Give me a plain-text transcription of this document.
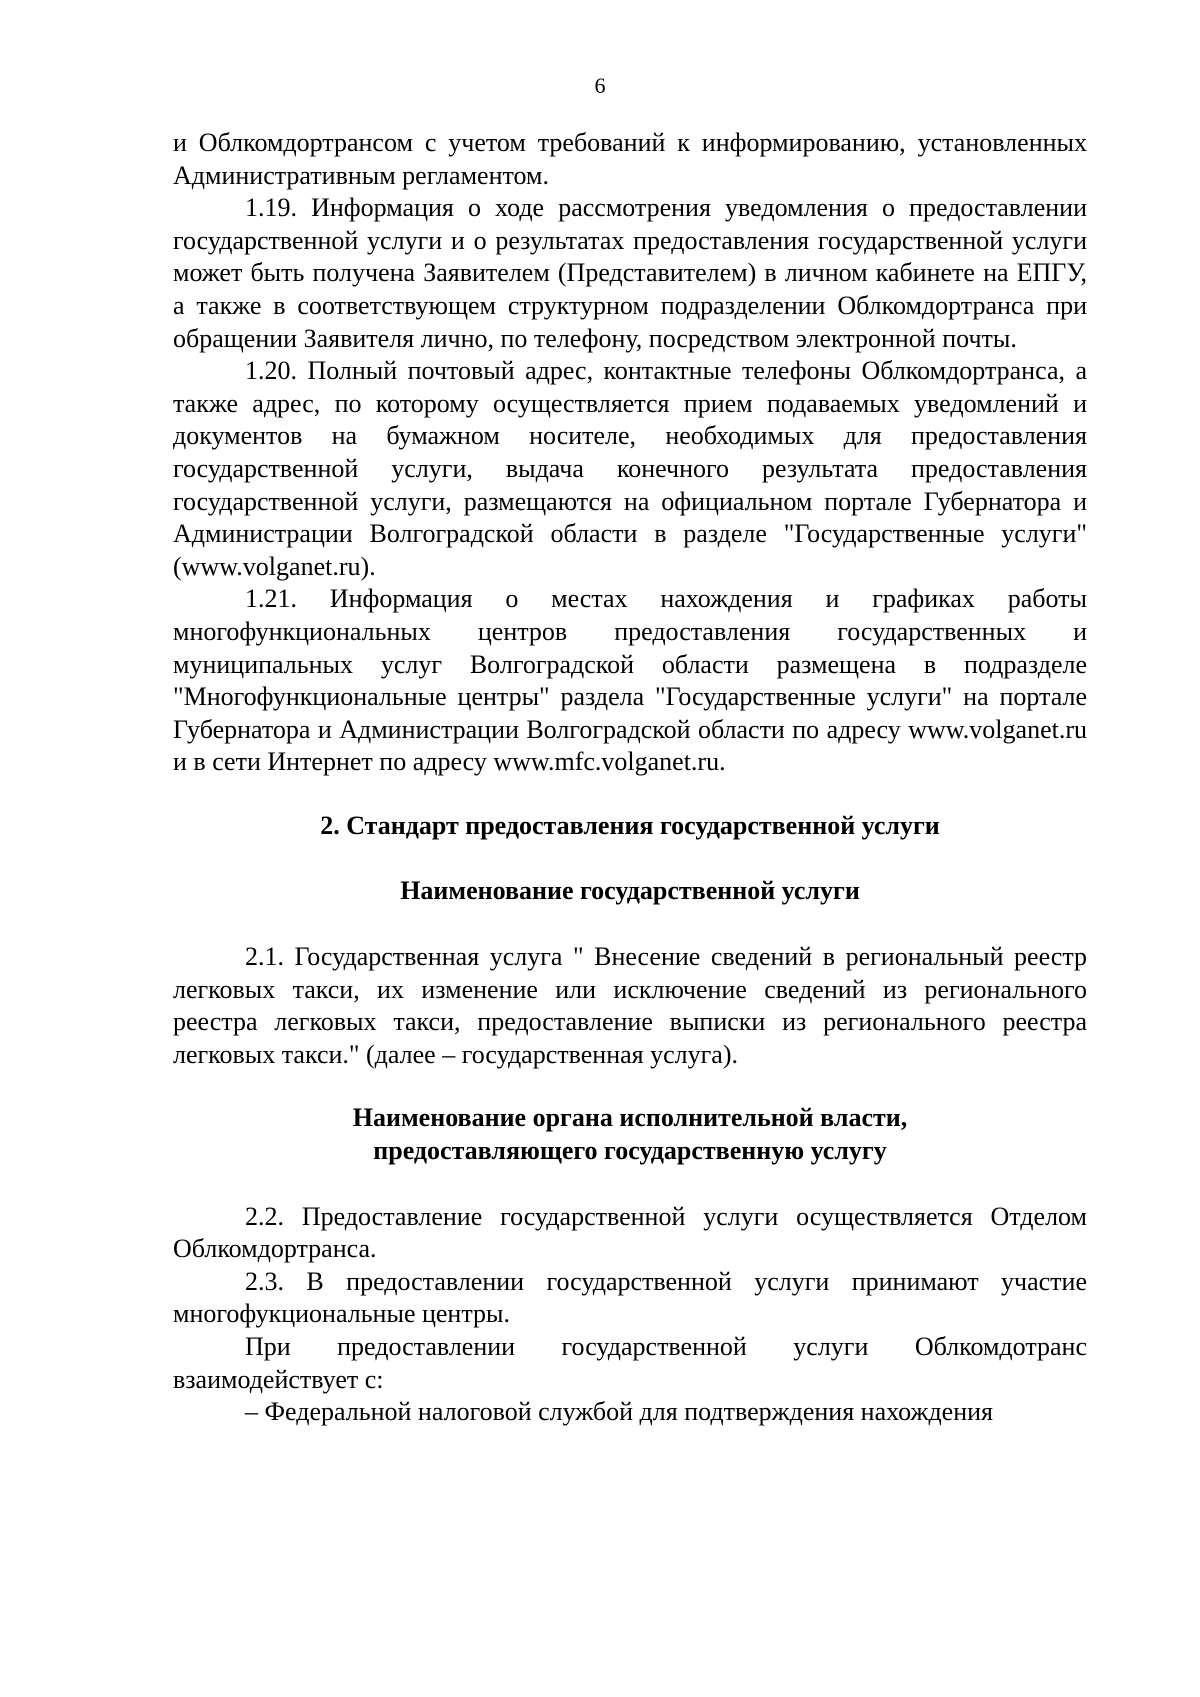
6

и Облкомдортрансом с учетом требований к информированию, установленных Административным регламентом.

1.19. Информация о ходе рассмотрения уведомления о предоставлении государственной услуги и о результатах предоставления государственной услуги может быть получена Заявителем (Представителем) в личном кабинете на ЕПГУ, а также в соответствующем структурном подразделении Облкомдортранса при обращении Заявителя лично, по телефону, посредством электронной почты.

1.20. Полный почтовый адрес, контактные телефоны Облкомдортранса, а также адрес, по которому осуществляется прием подаваемых уведомлений и документов на бумажном носителе, необходимых для предоставления государственной услуги, выдача конечного результата предоставления государственной услуги, размещаются на официальном портале Губернатора и Администрации Волгоградской области в разделе "Государственные услуги" (www.volganet.ru).

1.21. Информация о местах нахождения и графиках работы многофункциональных центров предоставления государственных и муниципальных услуг Волгоградской области размещена в подразделе "Многофункциональные центры" раздела "Государственные услуги" на портале Губернатора и Администрации Волгоградской области по адресу www.volganet.ru и в сети Интернет по адресу www.mfc.volganet.ru.

2. Стандарт предоставления государственной услуги
Наименование государственной услуги

2.1. Государственная услуга " Внесение сведений в региональный реестр легковых такси, их изменение или исключение сведений из регионального реестра легковых такси, предоставление выписки из регионального реестра легковых такси." (далее – государственная услуга).

Наименование органа исполнительной власти,
предоставляющего государственную услугу

2.2. Предоставление государственной услуги осуществляется Отделом Облкомдортранса.

2.3. В предоставлении государственной услуги принимают участие многофукциональные центры.

При предоставлении государственной услуги Облкомдотранс взаимодействует с:

– Федеральной налоговой службой для подтверждения нахождения
